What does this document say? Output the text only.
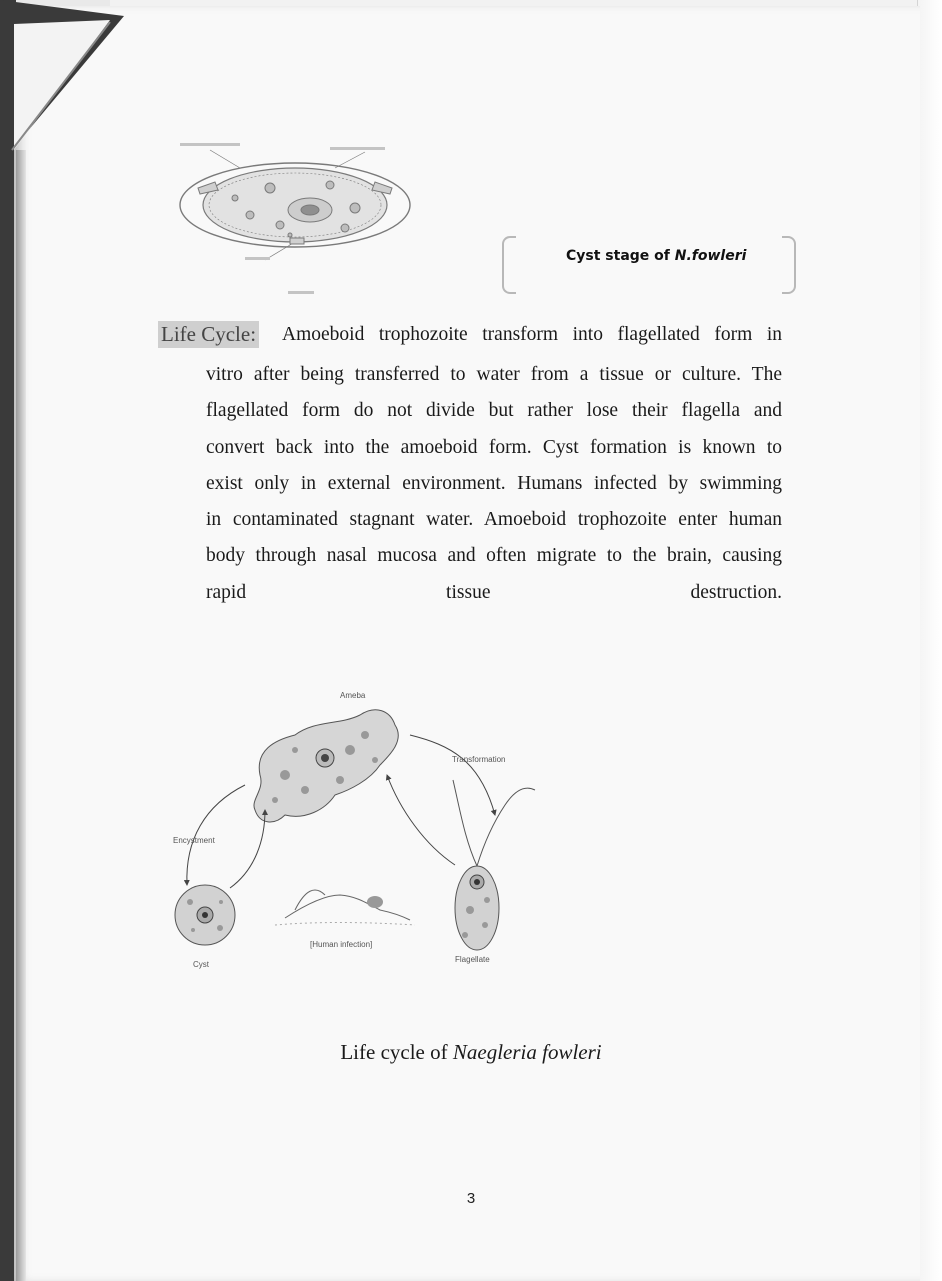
Cyst stage of N.fowleri
Life Cycle: Amoeboid trophozoite transform into flagellated form in
vitro after being transferred to water from a tissue or culture. The
flagellated form do not divide but rather lose their flagella and
convert back into the amoeboid form. Cyst formation is known to
exist only in external environment. Humans infected by swimming
in contaminated stagnant water. Amoeboid trophozoite enter human
body through nasal mucosa and often migrate to the brain, causing
rapid tissue destruction.
Ameba
Transformation
Encystment
Cyst
[Human infection]
Flagellate
Life cycle of Naegleria fowleri
3
